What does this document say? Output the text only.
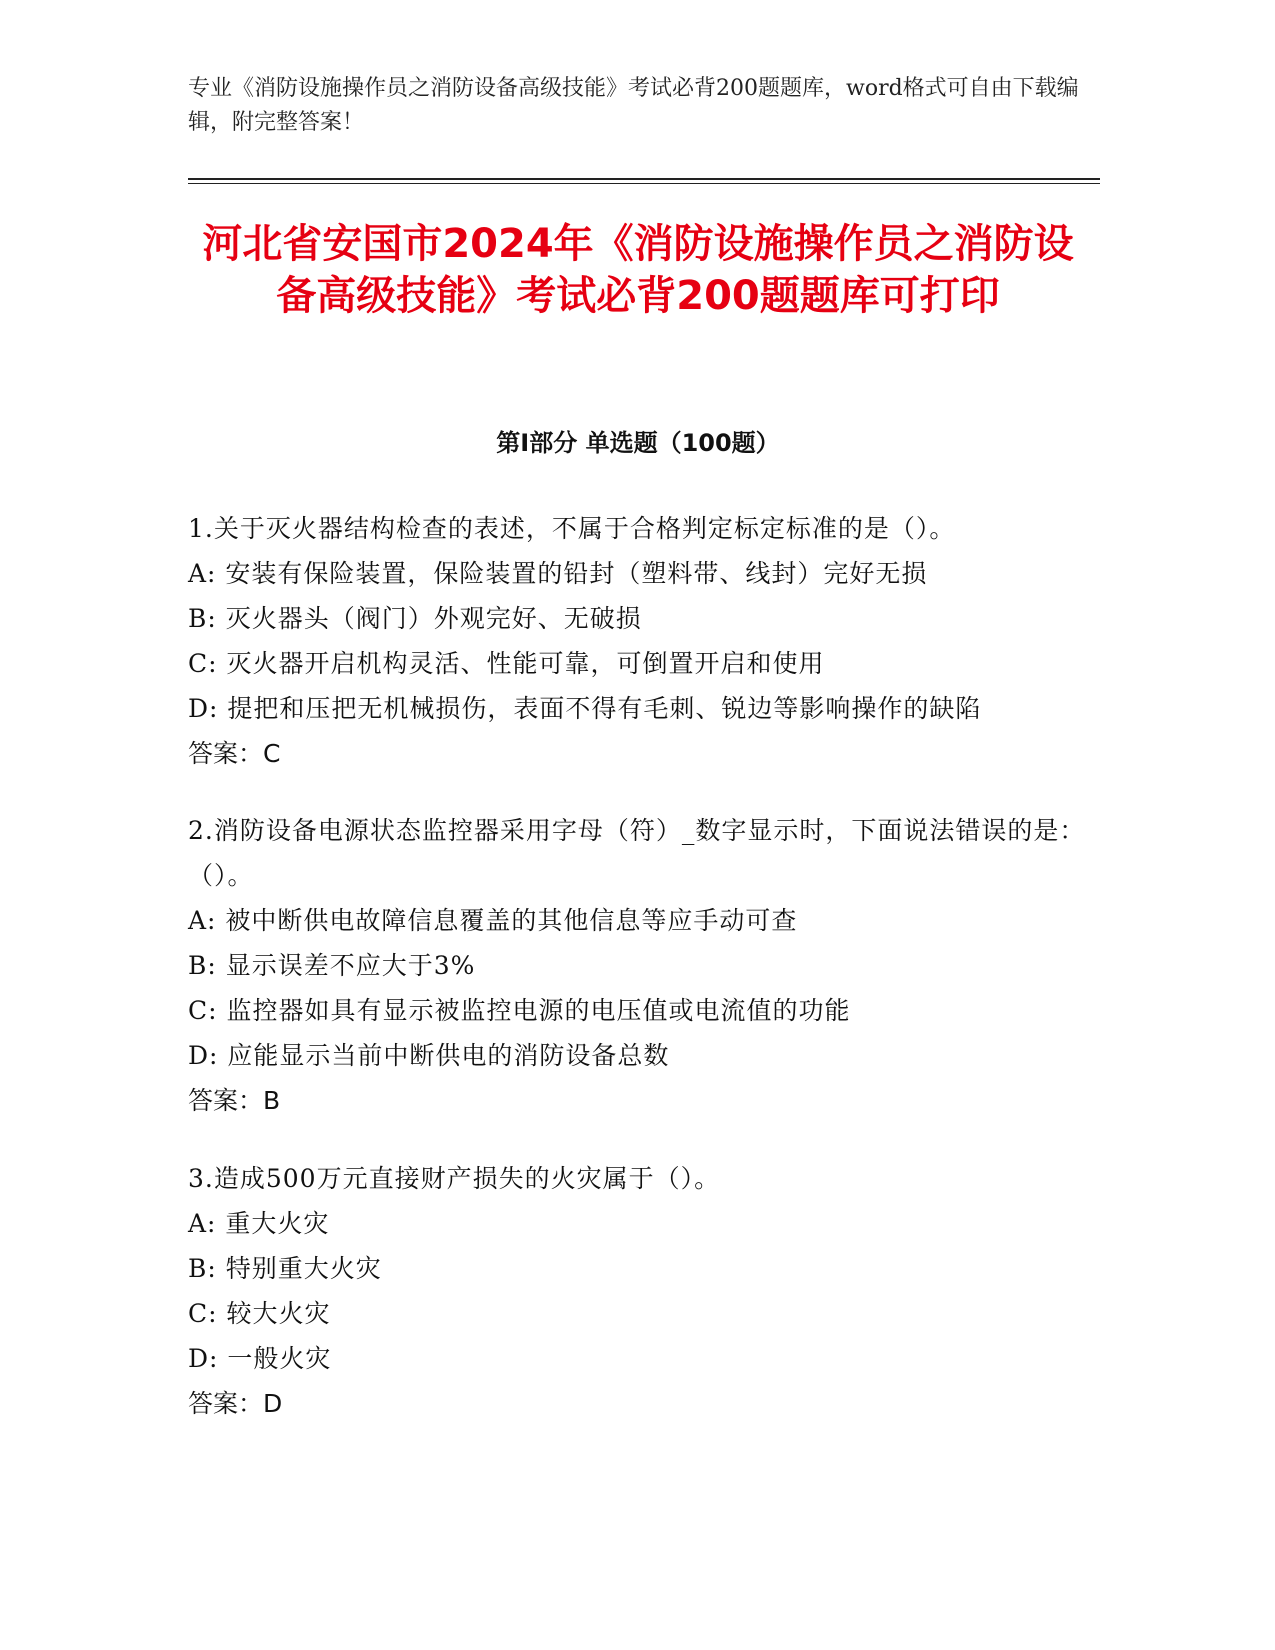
专业《消防设施操作员之消防设备高级技能》考试必背200题题库，word格式可自由下载编辑，附完整答案！
河北省安国市2024年《消防设施操作员之消防设备高级技能》考试必背200题题库可打印
第I部分 单选题（100题）

1.关于灭火器结构检查的表述，不属于合格判定标定标准的是（）。

A: 安装有保险装置，保险装置的铅封（塑料带、线封）完好无损

B: 灭火器头（阀门）外观完好、无破损

C: 灭火器开启机构灵活、性能可靠，可倒置开启和使用

D: 提把和压把无机械损伤，表面不得有毛刺、锐边等影响操作的缺陷

答案：C

2.消防设备电源状态监控器采用字母（符）_数字显示时，下面说法错误的是：（）。

A: 被中断供电故障信息覆盖的其他信息等应手动可查

B: 显示误差不应大于3%

C: 监控器如具有显示被监控电源的电压值或电流值的功能

D: 应能显示当前中断供电的消防设备总数

答案：B

3.造成500万元直接财产损失的火灾属于（）。

A: 重大火灾

B: 特别重大火灾

C: 较大火灾

D: 一般火灾

答案：D
